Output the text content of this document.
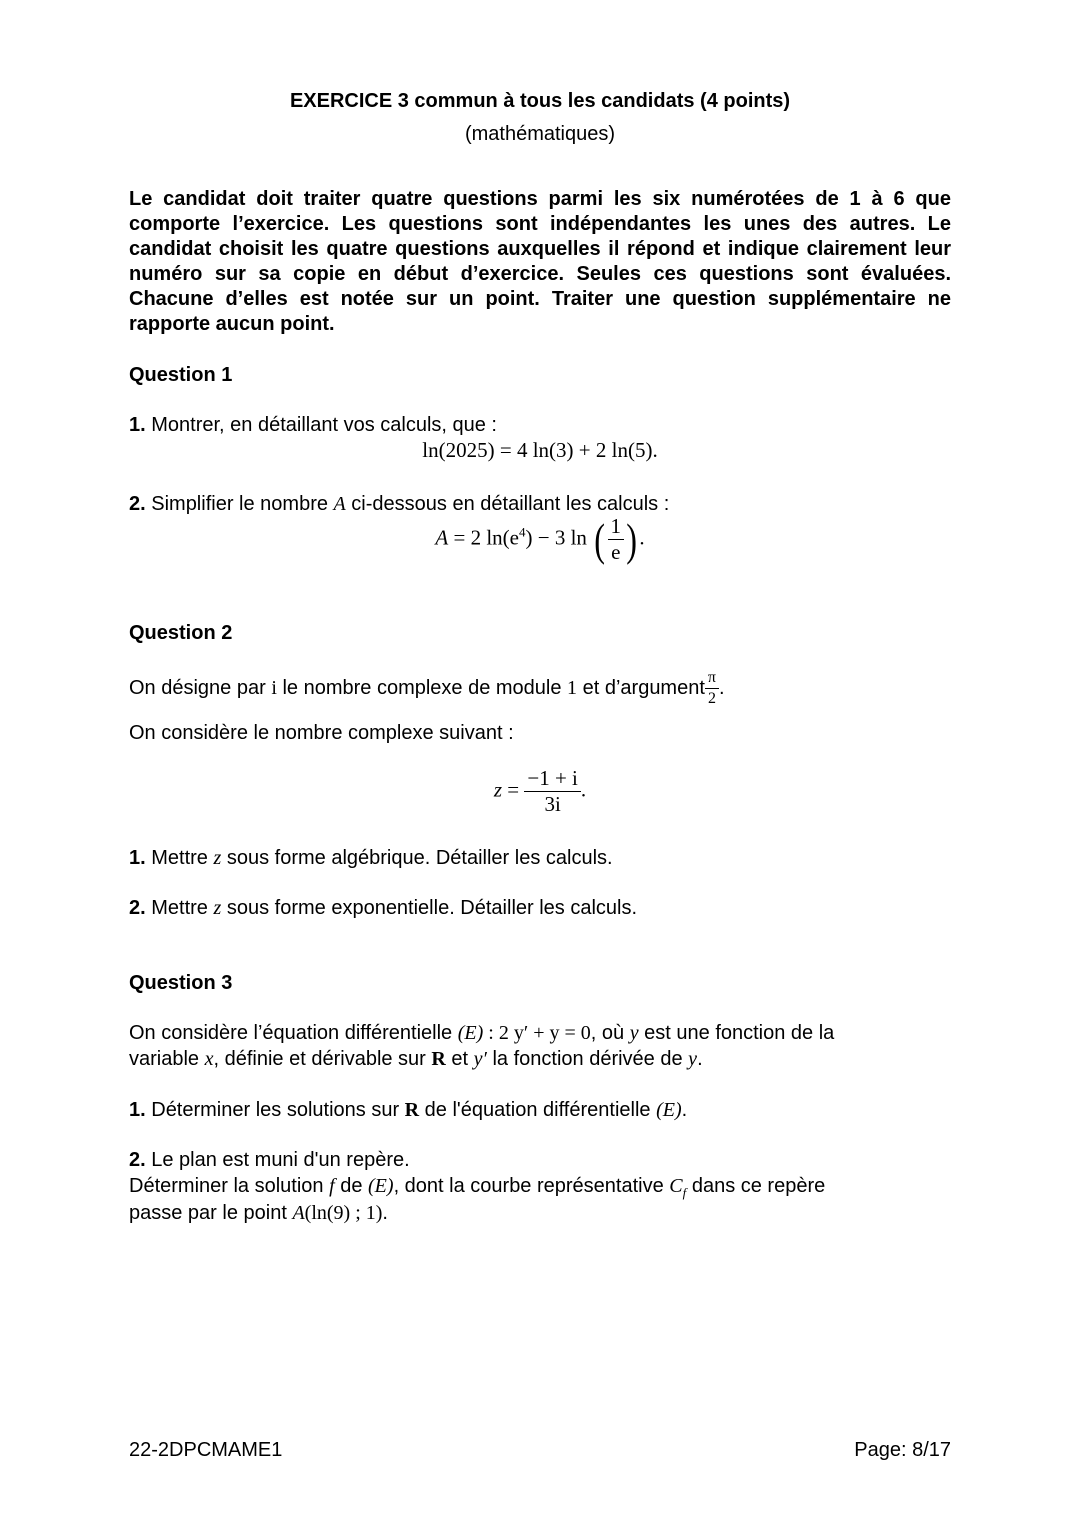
EXERCICE 3 commun à tous les candidats (4 points)
(mathématiques)
Le candidat doit traiter quatre questions parmi les six numérotées de 1 à 6 que comporte l’exercice. Les questions sont indépendantes les unes des autres. Le candidat choisit les quatre questions auxquelles il répond et indique clairement leur numéro sur sa copie en début d’exercice. Seules ces questions sont évaluées. Chacune d’elles est notée sur un point. Traiter une question supplémentaire ne rapporte aucun point.
Question 1
1. Montrer, en détaillant vos calculs, que :
ln(2025) = 4 ln(3) + 2 ln(5).
2. Simplifier le nombre A ci-dessous en détaillant les calculs :
A = 2 $\ln(e^4) - 3$ ln ( $\frac{1}{e}$ ) .
Question 2
On désigne par i le nombre complexe de module 1 et d’argument $\frac{\pi}{2}$ .
On considère le nombre complexe suivant :
$z = \frac{-1 + i}{3i}$ .
1. Mettre z sous forme algébrique. Détailler les calculs.
2. Mettre z sous forme exponentielle. Détailler les calculs.
Question 3
On considère l’équation différentielle (E) : 2 y′ + y = 0, où y est une fonction de la
variable x, définie et dérivable sur R et y′ la fonction dérivée de y.
1. Déterminer les solutions sur R de l'équation différentielle (E).
2. Le plan est muni d'un repère.
Déterminer la solution f de (E), dont la courbe représentative $C_f$ dans ce repère
passe par le point A(ln(9) ; 1).
22-2DPCMAME1	Page: 8/17
